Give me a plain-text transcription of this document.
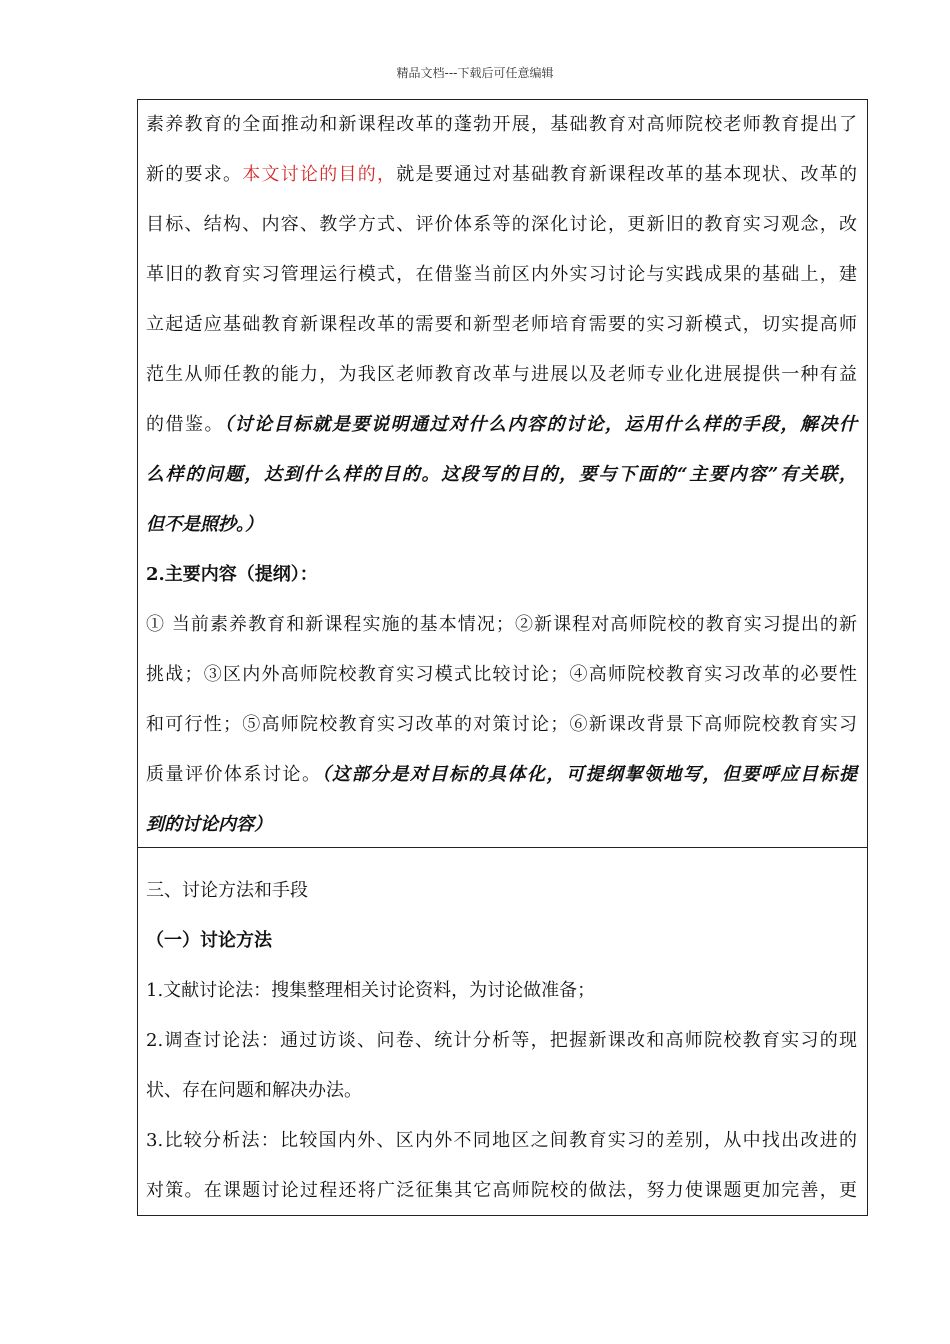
精品文档---下载后可任意编辑
素养教育的全面推动和新课程改革的蓬勃开展，基础教育对高师院校老师教育提出了
新的要求。本文讨论的目的，就是要通过对基础教育新课程改革的基本现状、改革的
目标、结构、内容、教学方式、评价体系等的深化讨论，更新旧的教育实习观念，改
革旧的教育实习管理运行模式，在借鉴当前区内外实习讨论与实践成果的基础上，建
立起适应基础教育新课程改革的需要和新型老师培育需要的实习新模式，切实提高师
范生从师任教的能力，为我区老师教育改革与进展以及老师专业化进展提供一种有益
的借鉴。（讨论目标就是要说明通过对什么内容的讨论，运用什么样的手段，解决什
么样的问题，达到什么样的目的。这段写的目的，要与下面的“主要内容”有关联，
但不是照抄。）
2.主要内容（提纲）：
① 当前素养教育和新课程实施的基本情况；②新课程对高师院校的教育实习提出的新
挑战；③区内外高师院校教育实习模式比较讨论；④高师院校教育实习改革的必要性
和可行性；⑤高师院校教育实习改革的对策讨论；⑥新课改背景下高师院校教育实习
质量评价体系讨论。（这部分是对目标的具体化，可提纲挈领地写，但要呼应目标提
到的讨论内容）
三、讨论方法和手段
（一）讨论方法
1.文献讨论法：搜集整理相关讨论资料，为讨论做准备；
2.调查讨论法：通过访谈、问卷、统计分析等，把握新课改和高师院校教育实习的现
状、存在问题和解决办法。
3.比较分析法：比较国内外、区内外不同地区之间教育实习的差别，从中找出改进的
对策。在课题讨论过程还将广泛征集其它高师院校的做法，努力使课题更加完善，更
